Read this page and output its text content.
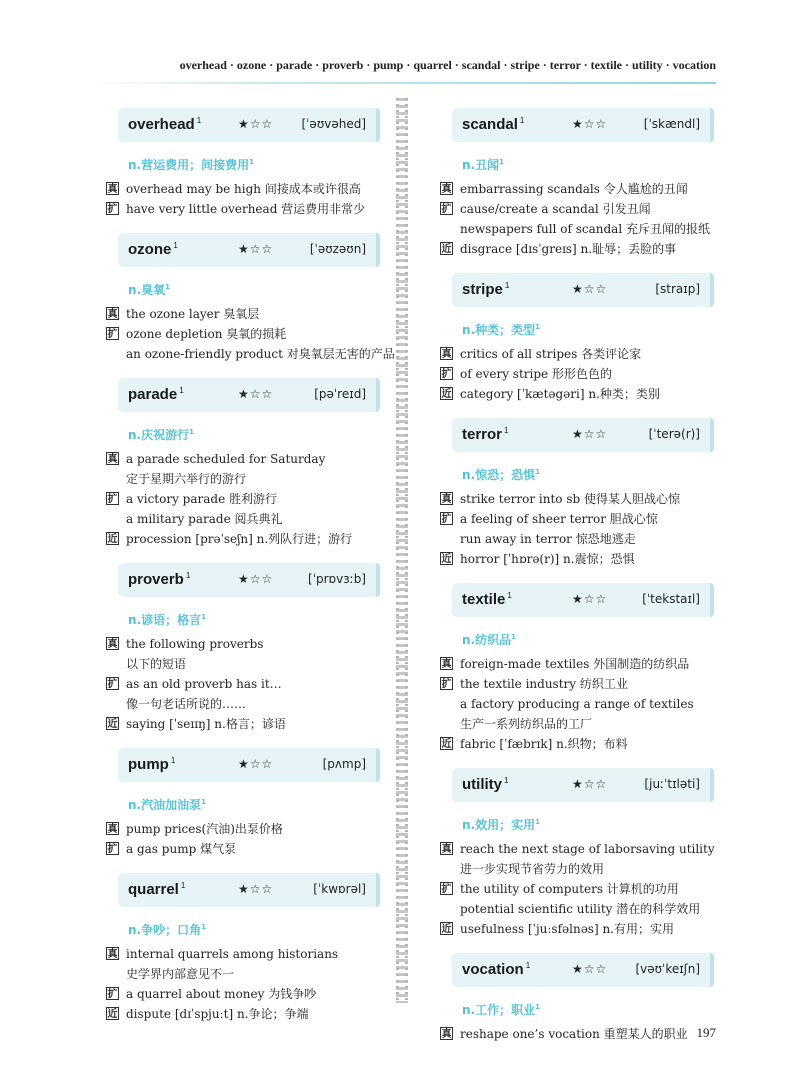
overhead · ozone · parade · proverb · pump · quarrel · scandal · stripe · terror · textile · utility · vocation
overhead $^1$	★☆☆ [ˈəʊvəhed]
n.营运费用；间接费用$^1$
真 overhead may be high 间接成本或许很高
扩 have very little overhead 营运费用非常少
ozone $^1$	★☆☆	[ˈəʊzəʊn]
n.臭氧$^1$
真 the ozone layer 臭氧层
扩 ozone depletion 臭氧的损耗
an ozone-friendly product 对臭氧层无害的产品
parade $^1$	★☆☆	[pəˈreɪd]
n.庆祝游行$^1$
真 a parade scheduled for Saturday
定于星期六举行的游行
扩 a victory parade 胜利游行
a military parade 阅兵典礼
近 procession [prəˈseʃn] n.列队行进；游行
proverb $^1$	★☆☆	[ˈprɒvɜːb]
n.谚语；格言$^1$
真 the following proverbs
以下的短语
扩 as an old proverb has it…
像一句老话所说的……
近 saying [ˈseɪɪŋ] n.格言；谚语
pump $^1$	★☆☆	[pʌmp]
n.汽油加油泵$^1$
真 pump prices(汽油)出泵价格
扩 a gas pump 煤气泵
quarrel $^1$	★☆☆	[ˈkwɒrəl]
n.争吵；口角$^1$
真 internal quarrels among historians
史学界内部意见不一
扩 a quarrel about money 为钱争吵
近 dispute [dɪˈspjuːt] n.争论；争端
scandal $^1$	★☆☆	[ˈskændl]
n.丑闻$^1$
真 embarrassing scandals 令人尴尬的丑闻
扩 cause/create a scandal 引发丑闻
newspapers full of scandal 充斥丑闻的报纸
近 disgrace [dɪsˈgreɪs] n.耻辱；丢脸的事
stripe $^1$	★☆☆	[straɪp]
n.种类；类型$^1$
真 critics of all stripes 各类评论家
扩 of every stripe 形形色色的
近 category [ˈkætəgəri] n.种类；类别
terror $^1$	★☆☆	[ˈterə(r)]
n.惊恐；恐惧$^1$
真 strike terror into sb 使得某人胆战心惊
扩 a feeling of sheer terror 胆战心惊
run away in terror 惊恐地逃走
近 horror [ˈhɒrə(r)] n.震惊；恐惧
textile $^1$	★☆☆	[ˈtekstaɪl]
n.纺织品$^1$
真 foreign-made textiles 外国制造的纺织品
扩 the textile industry 纺织工业
a factory producing a range of textiles
生产一系列纺织品的工厂
近 fabric [ˈfæbrɪk] n.织物；布料
utility $^1$	★☆☆	[juːˈtɪləti]
n.效用；实用$^1$
真 reach the next stage of laborsaving utility
进一步实现节省劳力的效用
扩 the utility of computers 计算机的功用
potential scientific utility 潜在的科学效用
近 usefulness [ˈjuːsfəlnəs] n.有用；实用
vocation $^1$	★☆☆ [vəʊˈkeɪʃn]
n.工作；职业$^1$
真 reshape one’s vocation 重塑某人的职业 197
